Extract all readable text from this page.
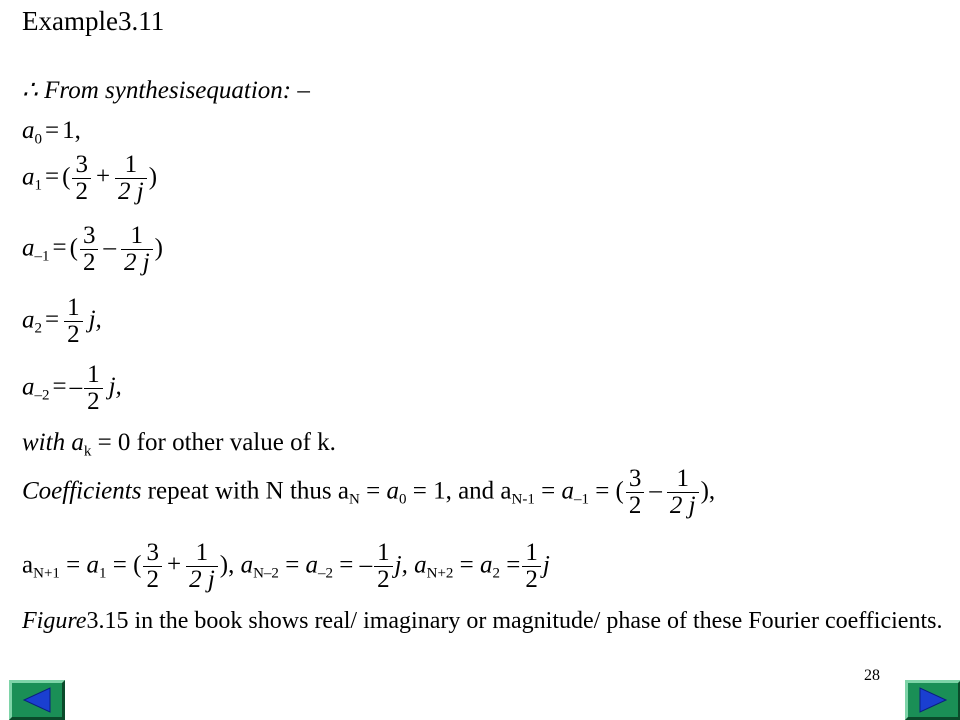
Example3.11
∴ From synthesisequation: –
$a_0 = 1$,
$a_1$ = ( $\frac{3}{2} + \frac{1}{2 j}$ )
$a_{-1}$ = ( $\frac{3}{2} - \frac{1}{2 j}$ )
$a_2 = \frac{1}{2} j$,
$a_{-2}$ = – $\frac{1}{2} j$,
with $a_k = 0$ for other value of k.
Coefficients repeat with N thus $a_N = a_0 = 1$, and $a_{N-1} = a_{-1}$ = ( $\frac{3}{2} - \frac{1}{2 j}$ ),
$a_{N+1} = a_1$ = ( $\frac{3}{2} + \frac{1}{2 j}$ ), $a_{N-2} = a_{-2}$ = – $\frac{1}{2} j$, $a_{N+2} = a_2 = \frac{1}{2}$ j
Figure3.15 in the book shows real/ imaginary or magnitude/ phase of these Fourier coefficients.
28
